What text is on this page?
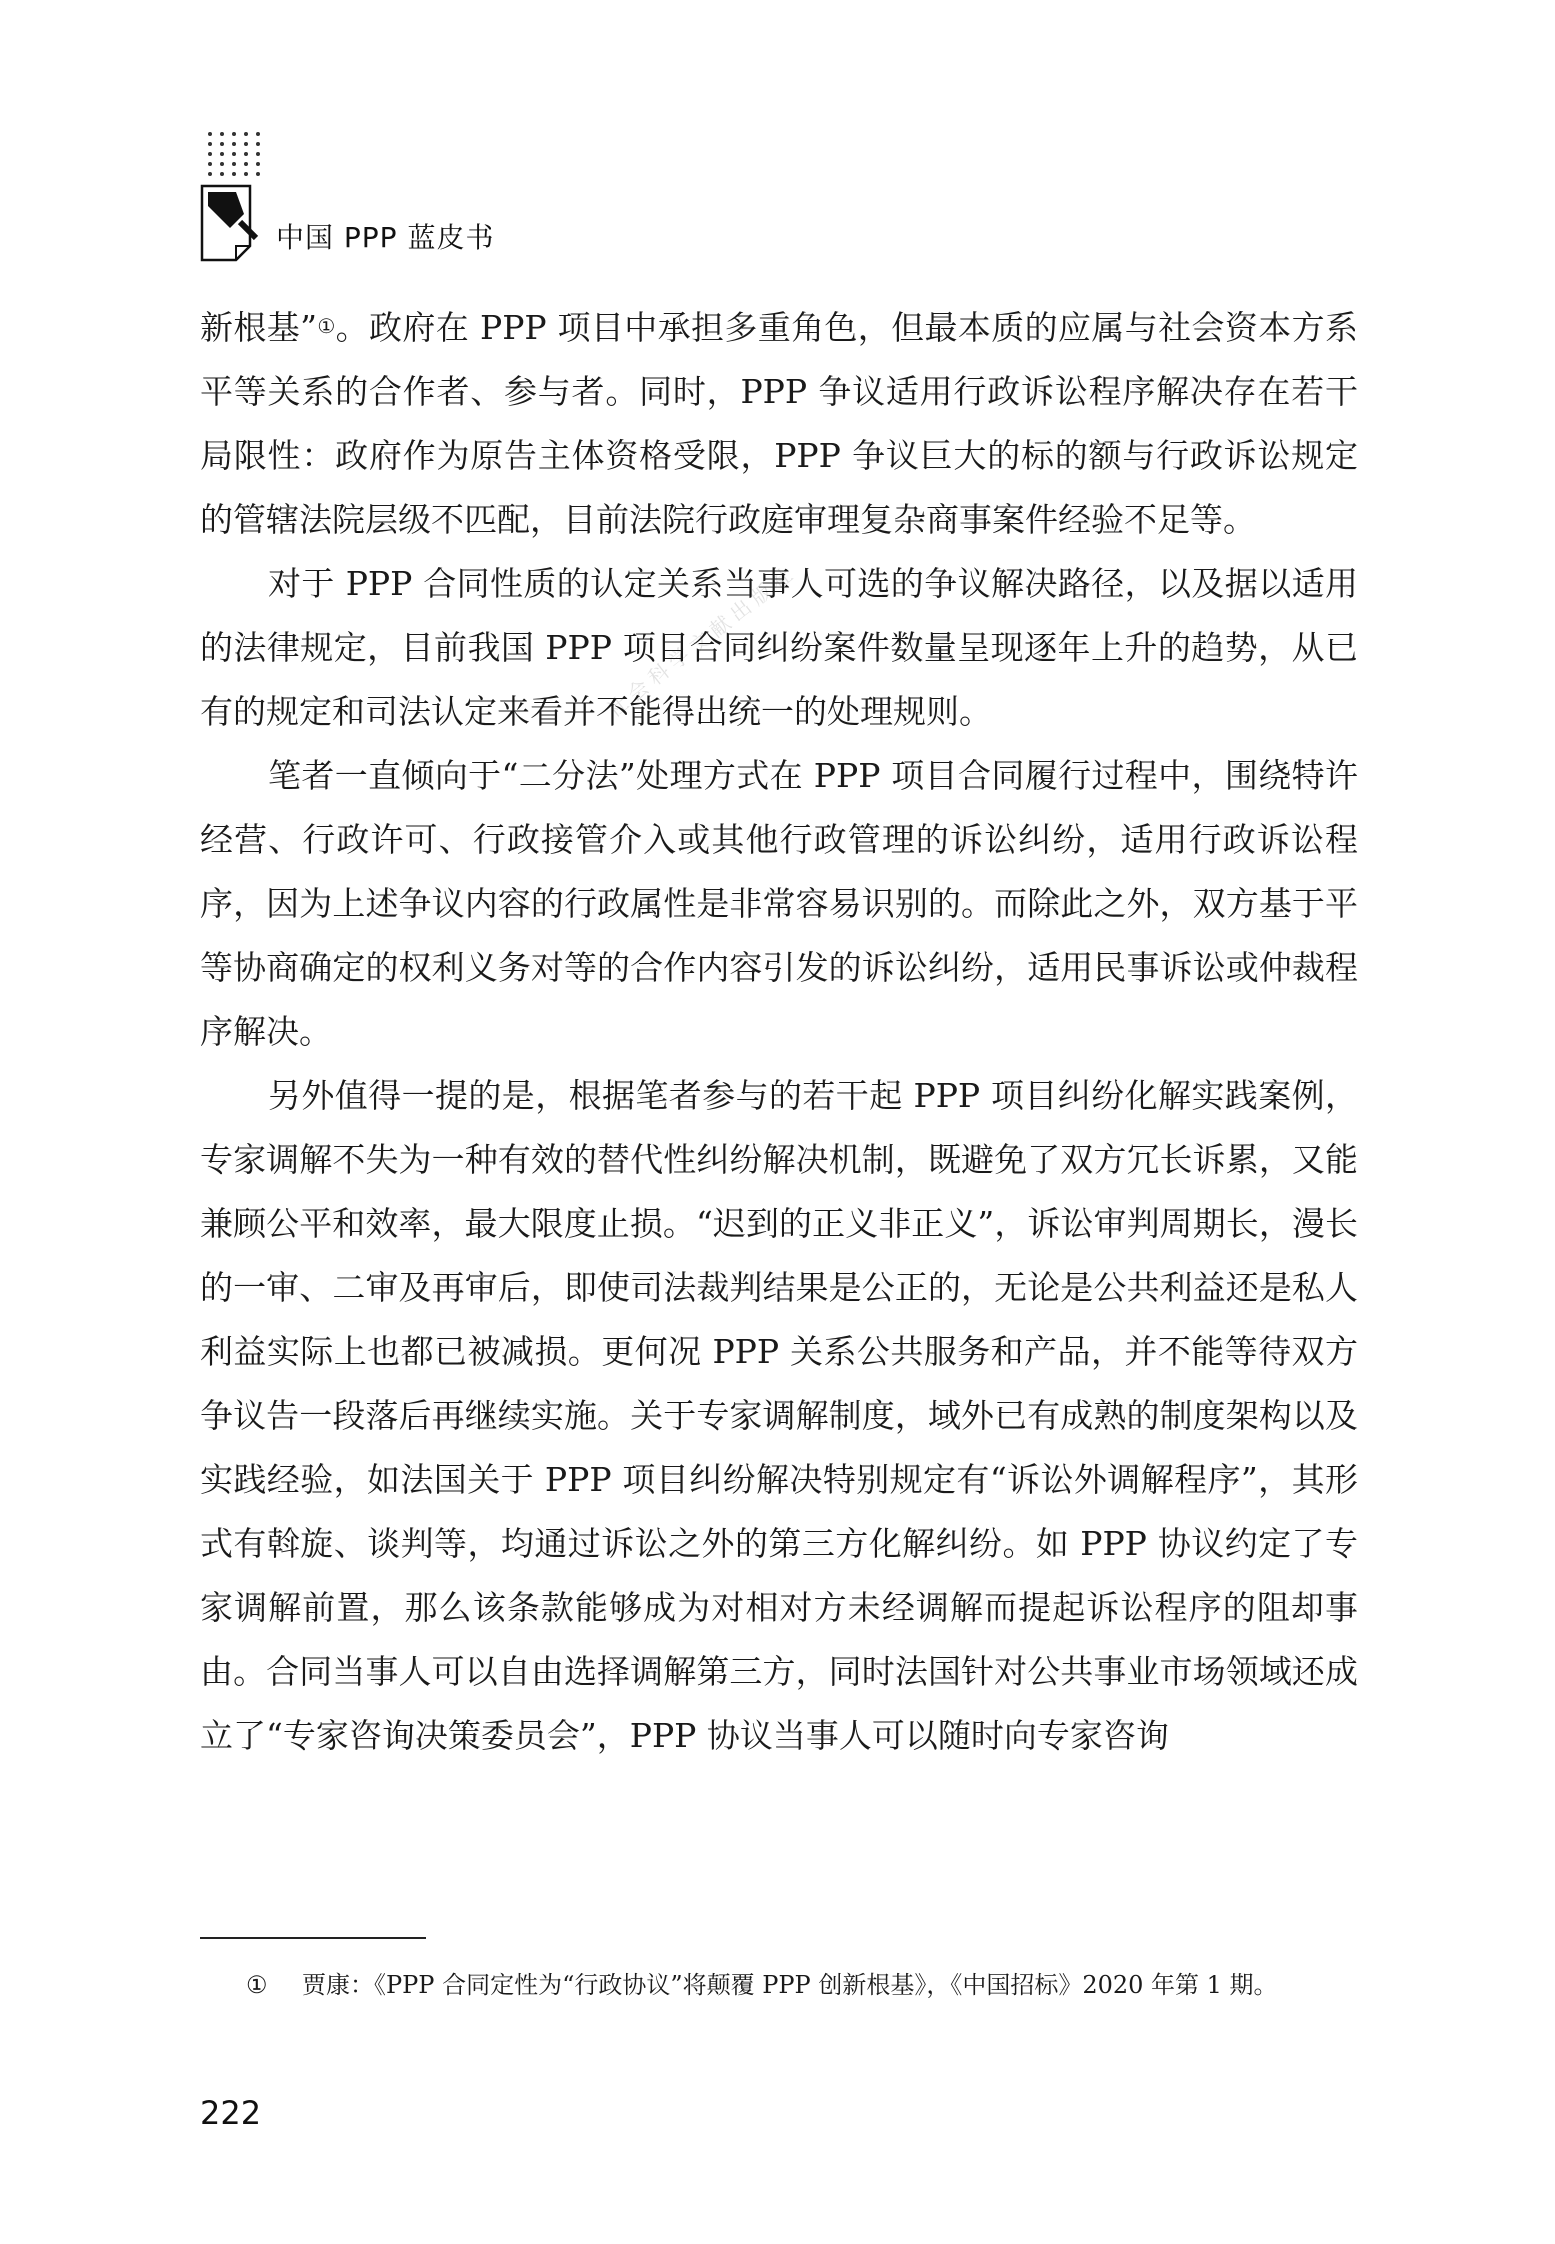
中国 PPP 蓝皮书
社会科学文献出版社

新根基”①。政府在 PPP 项目中承担多重角色，但最本质的应属与社会资本方系平等关系的合作者、参与者。同时，PPP 争议适用行政诉讼程序解决存在若干局限性：政府作为原告主体资格受限，PPP 争议巨大的标的额与行政诉讼规定的管辖法院层级不匹配，目前法院行政庭审理复杂商事案件经验不足等。

对于 PPP 合同性质的认定关系当事人可选的争议解决路径，以及据以适用的法律规定，目前我国 PPP 项目合同纠纷案件数量呈现逐年上升的趋势，从已有的规定和司法认定来看并不能得出统一的处理规则。

笔者一直倾向于“二分法”处理方式在 PPP 项目合同履行过程中，围绕特许经营、行政许可、行政接管介入或其他行政管理的诉讼纠纷，适用行政诉讼程序，因为上述争议内容的行政属性是非常容易识别的。而除此之外，双方基于平等协商确定的权利义务对等的合作内容引发的诉讼纠纷，适用民事诉讼或仲裁程序解决。

另外值得一提的是，根据笔者参与的若干起 PPP 项目纠纷化解实践案例，专家调解不失为一种有效的替代性纠纷解决机制，既避免了双方冗长诉累，又能兼顾公平和效率，最大限度止损。“迟到的正义非正义”，诉讼审判周期长，漫长的一审、二审及再审后，即使司法裁判结果是公正的，无论是公共利益还是私人利益实际上也都已被减损。更何况 PPP 关系公共服务和产品，并不能等待双方争议告一段落后再继续实施。关于专家调解制度，域外已有成熟的制度架构以及实践经验，如法国关于 PPP 项目纠纷解决特别规定有“诉讼外调解程序”，其形式有斡旋、谈判等，均通过诉讼之外的第三方化解纠纷。如 PPP 协议约定了专家调解前置，那么该条款能够成为对相对方未经调解而提起诉讼程序的阻却事由。合同当事人可以自由选择调解第三方，同时法国针对公共事业市场领域还成立了“专家咨询决策委员会”，PPP 协议当事人可以随时向专家咨询

① 贾康：《PPP 合同定性为“行政协议”将颠覆 PPP 创新根基》，《中国招标》2020 年第 1 期。
222
